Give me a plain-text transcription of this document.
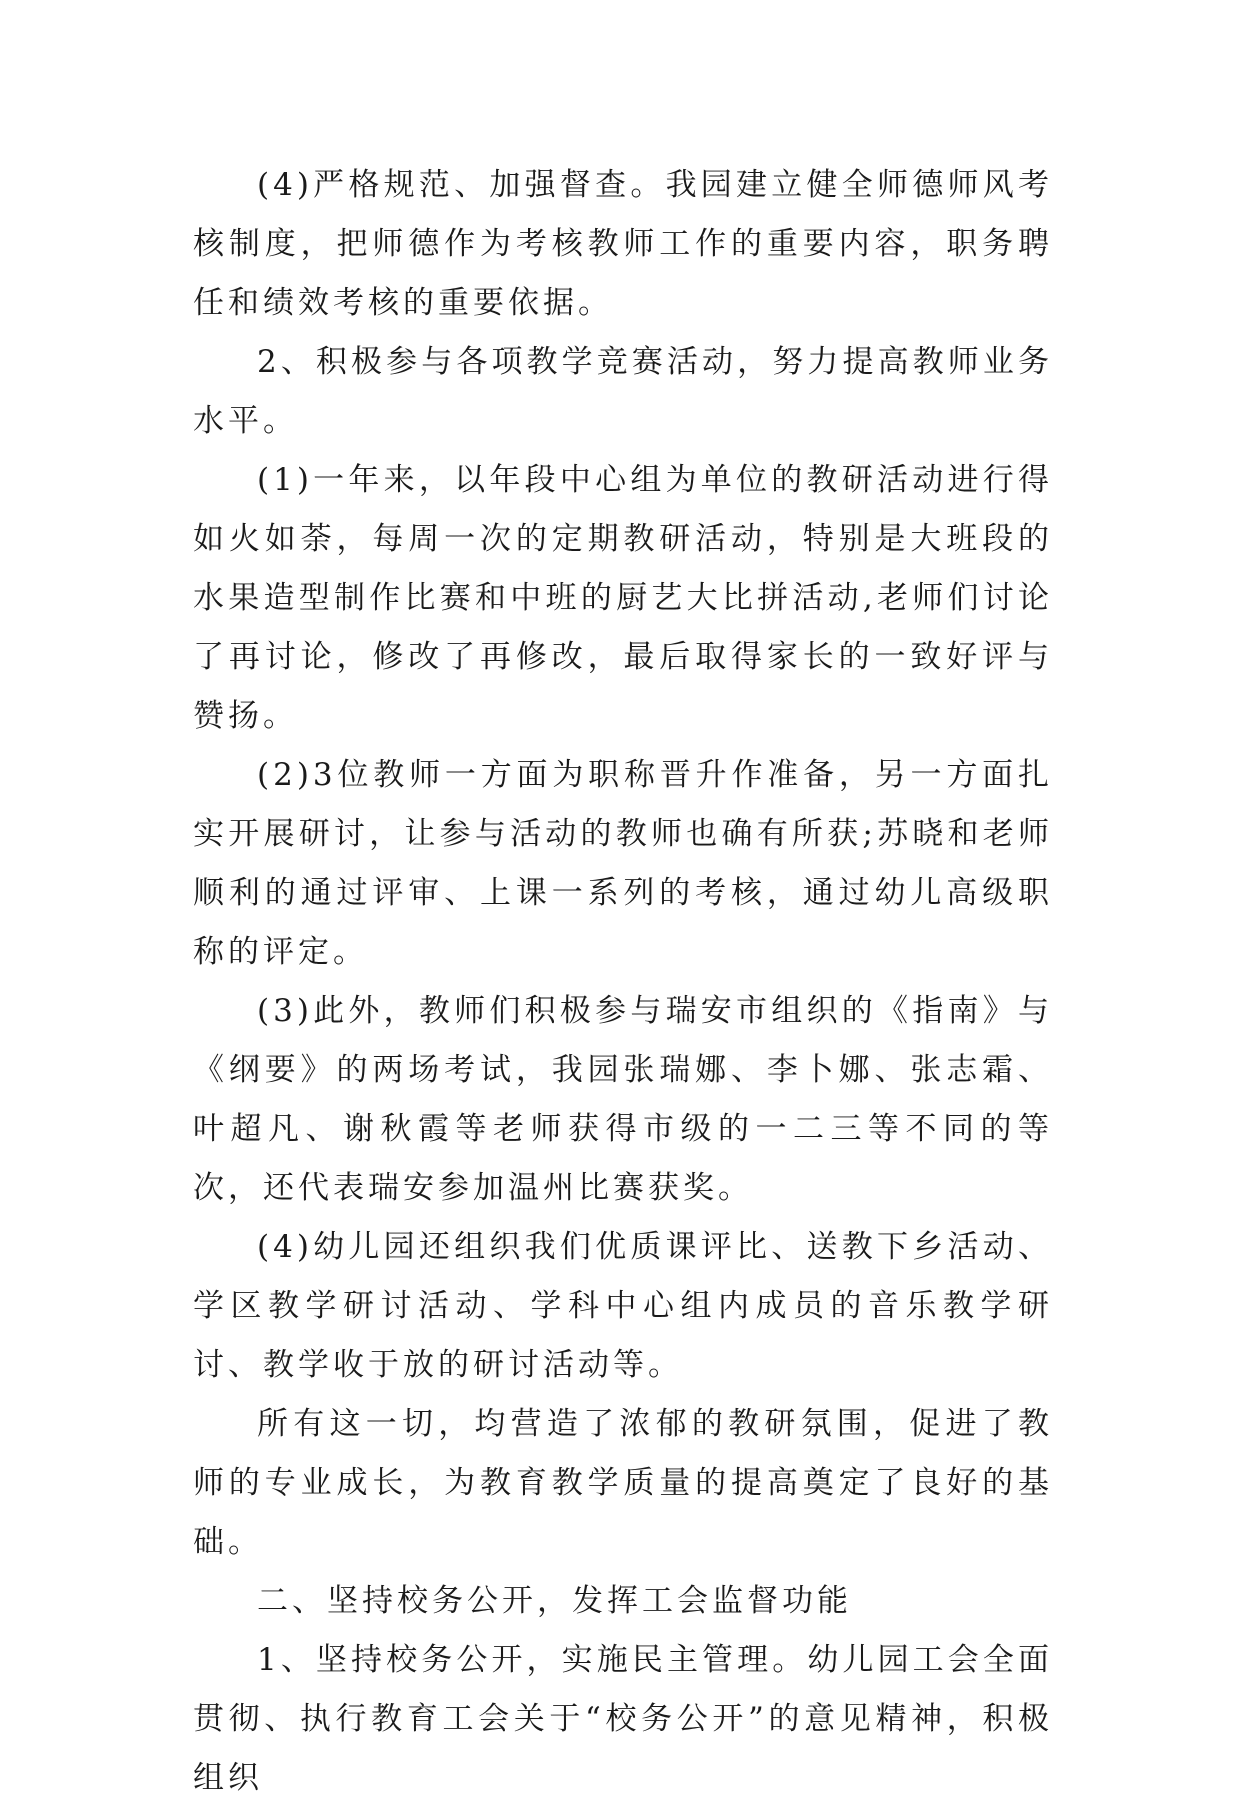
(4)严格规范、加强督查。我园建立健全师德师风考核制度，把师德作为考核教师工作的重要内容，职务聘任和绩效考核的重要依据。

2、积极参与各项教学竞赛活动，努力提高教师业务水平。

(1)一年来，以年段中心组为单位的教研活动进行得如火如荼，每周一次的定期教研活动，特别是大班段的水果造型制作比赛和中班的厨艺大比拼活动,老师们讨论了再讨论，修改了再修改，最后取得家长的一致好评与赞扬。

(2)3位教师一方面为职称晋升作准备，另一方面扎实开展研讨，让参与活动的教师也确有所获;苏晓和老师顺利的通过评审、上课一系列的考核，通过幼儿高级职称的评定。

(3)此外，教师们积极参与瑞安市组织的《指南》与《纲要》的两场考试，我园张瑞娜、李卜娜、张志霜、叶超凡、谢秋霞等老师获得市级的一二三等不同的等次，还代表瑞安参加温州比赛获奖。

(4)幼儿园还组织我们优质课评比、送教下乡活动、学区教学研讨活动、学科中心组内成员的音乐教学研讨、教学收于放的研讨活动等。

所有这一切，均营造了浓郁的教研氛围，促进了教师的专业成长，为教育教学质量的提高奠定了良好的基础。

二、坚持校务公开，发挥工会监督功能

1、坚持校务公开，实施民主管理。幼儿园工会全面贯彻、执行教育工会关于“校务公开”的意见精神，积极组织
